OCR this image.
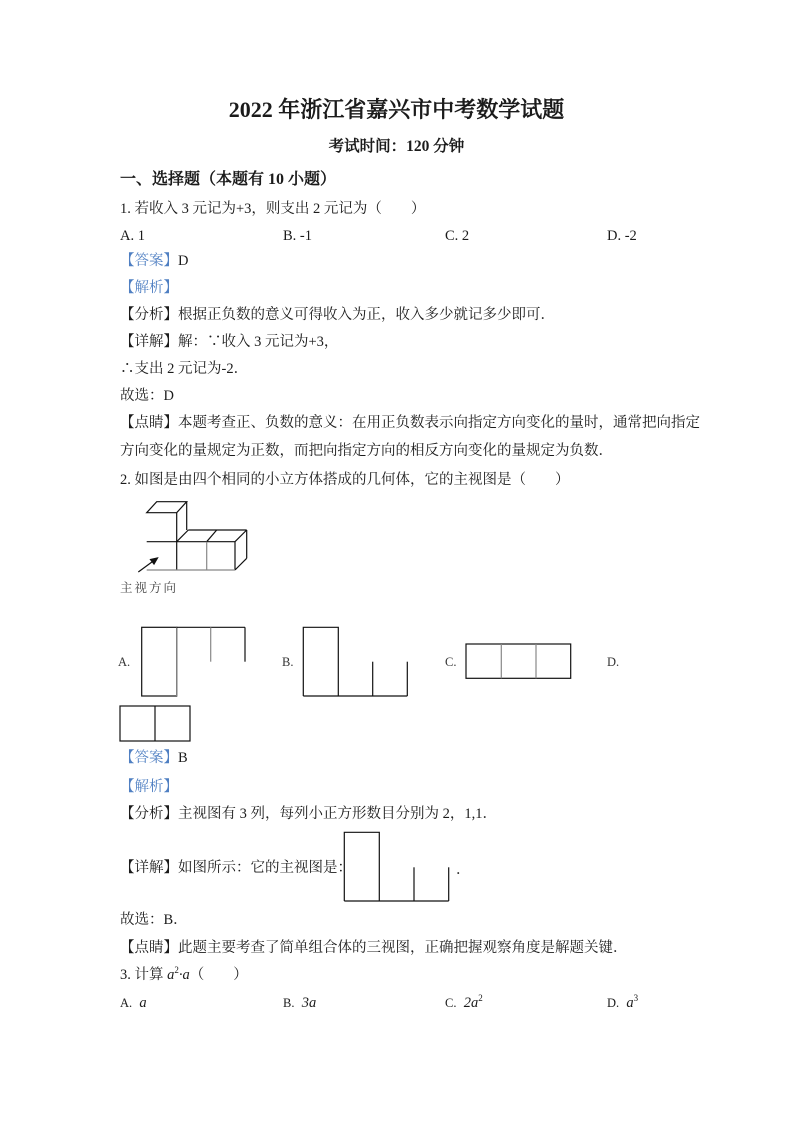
2022 年浙江省嘉兴市中考数学试题
考试时间：120 分钟
一、选择题（本题有 10 小题）
1. 若收入 3 元记为+3，则支出 2 元记为（　　）
A. 1	B. -1	C. 2	D. -2
【答案】D
【解析】
【分析】根据正负数的意义可得收入为正，收入多少就记多少即可．
【详解】解：∵收入 3 元记为+3，
∴支出 2 元记为-2．
故选：D
【点睛】本题考查正、负数的意义：在用正负数表示向指定方向变化的量时，通常把向指定
方向变化的量规定为正数，而把向指定方向的相反方向变化的量规定为负数．
2. 如图是由四个相同的小立方体搭成的几何体，它的主视图是（　　）
主视方向
A.	B.	C.	D.
【答案】B
【解析】
【分析】主视图有 3 列，每列小正方形数目分别为 2，1,1．
【详解】如图所示：它的主视图是：	．
故选：B．
【点睛】此题主要考查了简单组合体的三视图，正确把握观察角度是解题关键．
3. 计算 $a^2\cdot a$（　　）
A. a	B. 3a	C. $2a^2$	D. $a^3$
